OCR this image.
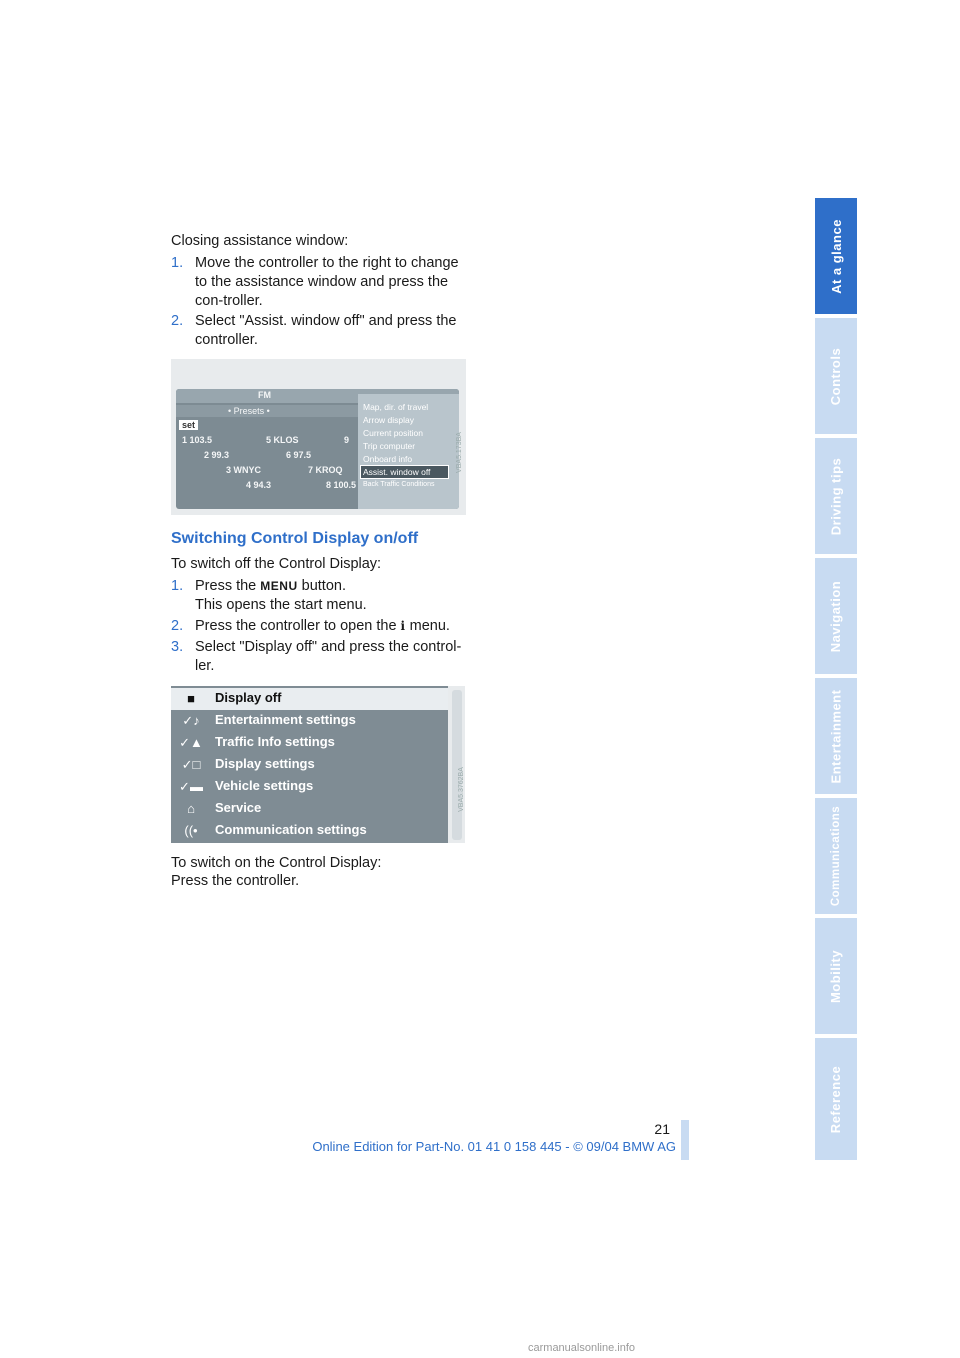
Closing assistance window:
1. Move the controller to the right to change to the assistance window and press the con-troller.
2. Select "Assist. window off" and press the controller.
FM
• Presets •
set
1 103.5	5 KLOS	9
2 99.3	6 97.5
3 WNYC	7 KROQ
4 94.3	8 100.5
Map, dir. of travel
Arrow display
Current position
Trip computer
Onboard info
Assist. window off
Back Traffic Conditions
VBA5.173BA
Switching Control Display on/off
To switch off the Control Display:
1. Press the MENU button.
This opens the start menu.
2. Press the controller to open the i menu.
3. Select "Display off" and press the control-ler.
■	Display off
✓♪	Entertainment settings
✓▲ Traffic Info settings
✓□	Display settings
✓▬ Vehicle settings
⌂	Service
((•	Communication settings
VBA5.3762BA
To switch on the Control Display:
Press the controller.
At a glance
Controls
Driving tips
Navigation
Entertainment
Communications
Mobility
Reference
21
Online Edition for Part-No. 01 41 0 158 445 - © 09/04 BMW AG
carmanualsonline.info
